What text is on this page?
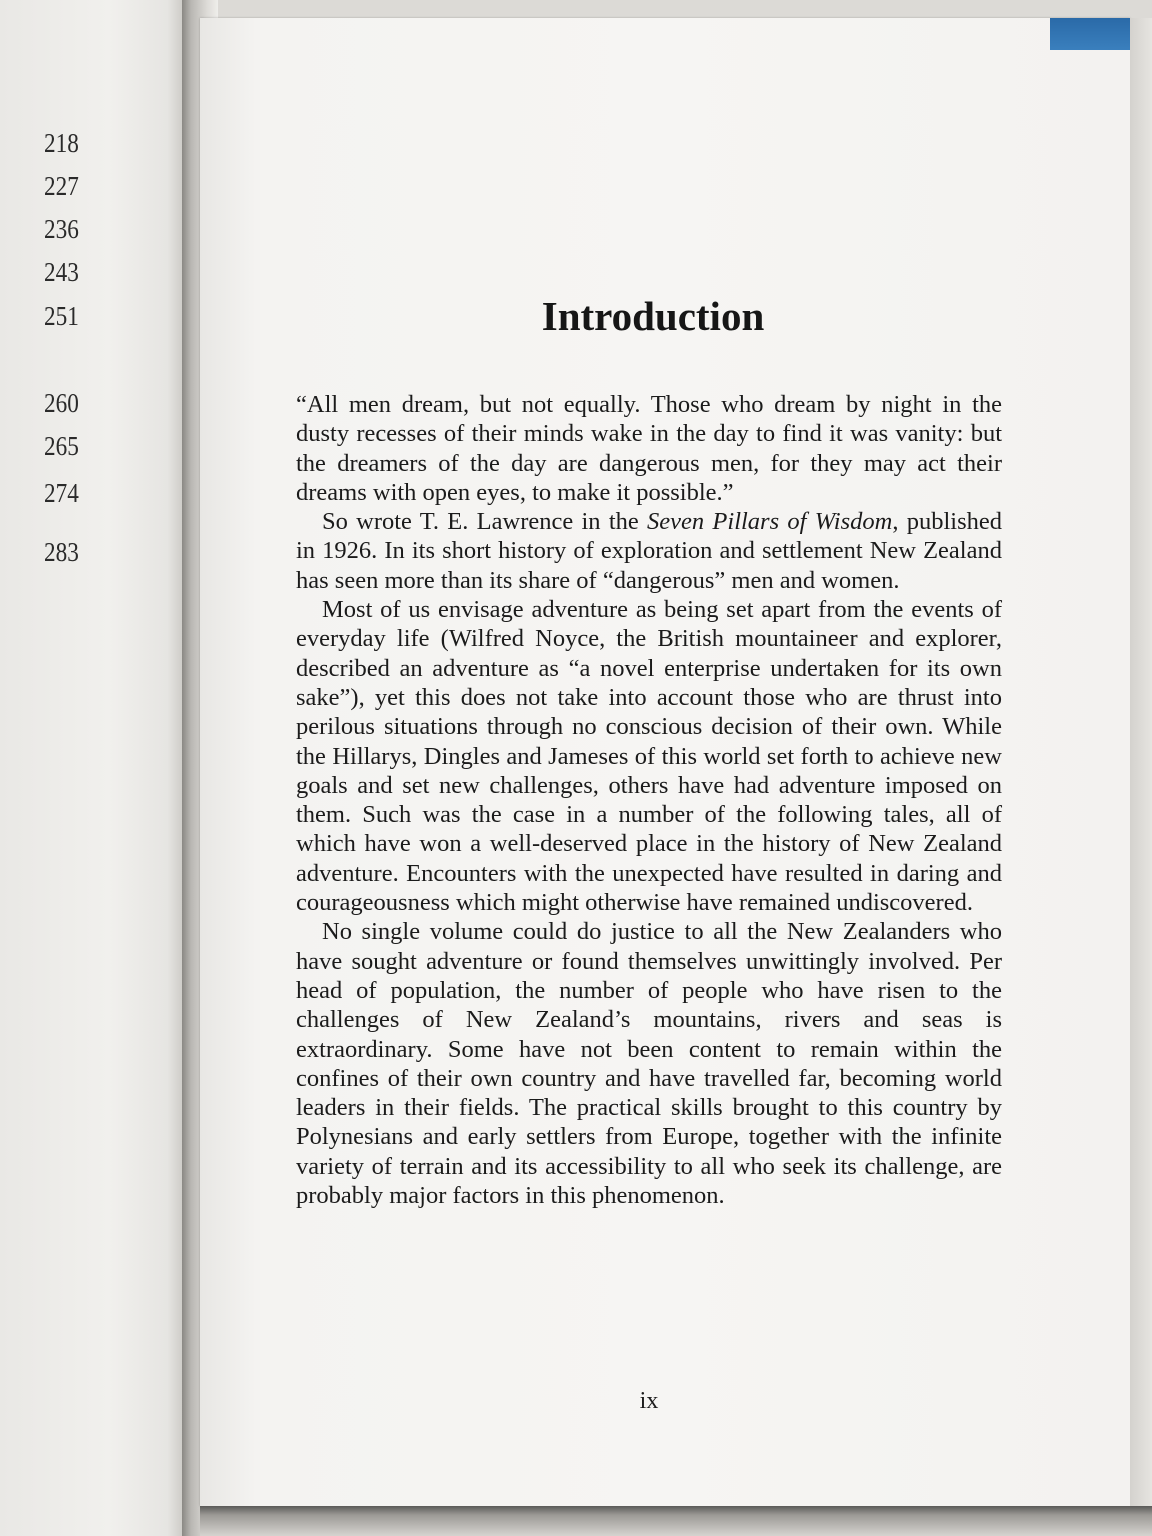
218
227
236
243
251
260
265
274
283
Introduction

“All men dream, but not equally. Those who dream by night in the dusty recesses of their minds wake in the day to find it was vanity: but the dreamers of the day are dangerous men, for they may act their dreams with open eyes, to make it possible.”

So wrote T. E. Lawrence in the Seven Pillars of Wisdom, published in 1926. In its short history of exploration and settlement New Zealand has seen more than its share of “dangerous” men and women.

Most of us envisage adventure as being set apart from the events of everyday life (Wilfred Noyce, the British mountaineer and explorer, described an adventure as “a novel enterprise undertaken for its own sake”), yet this does not take into account those who are thrust into perilous situations through no conscious decision of their own. While the Hillarys, Dingles and Jameses of this world set forth to achieve new goals and set new challenges, others have had adventure imposed on them. Such was the case in a number of the following tales, all of which have won a well-deserved place in the history of New Zealand adventure. Encounters with the unexpected have resulted in daring and courageousness which might otherwise have remained undiscovered.

No single volume could do justice to all the New Zealanders who have sought adventure or found themselves unwittingly involved. Per head of population, the number of people who have risen to the challenges of New Zealand’s mountains, rivers and seas is extraordinary. Some have not been content to remain within the confines of their own country and have travelled far, becoming world leaders in their fields. The practical skills brought to this country by Polynesians and early settlers from Europe, together with the infinite variety of terrain and its accessibility to all who seek its challenge, are probably major factors in this phenomenon.

ix
